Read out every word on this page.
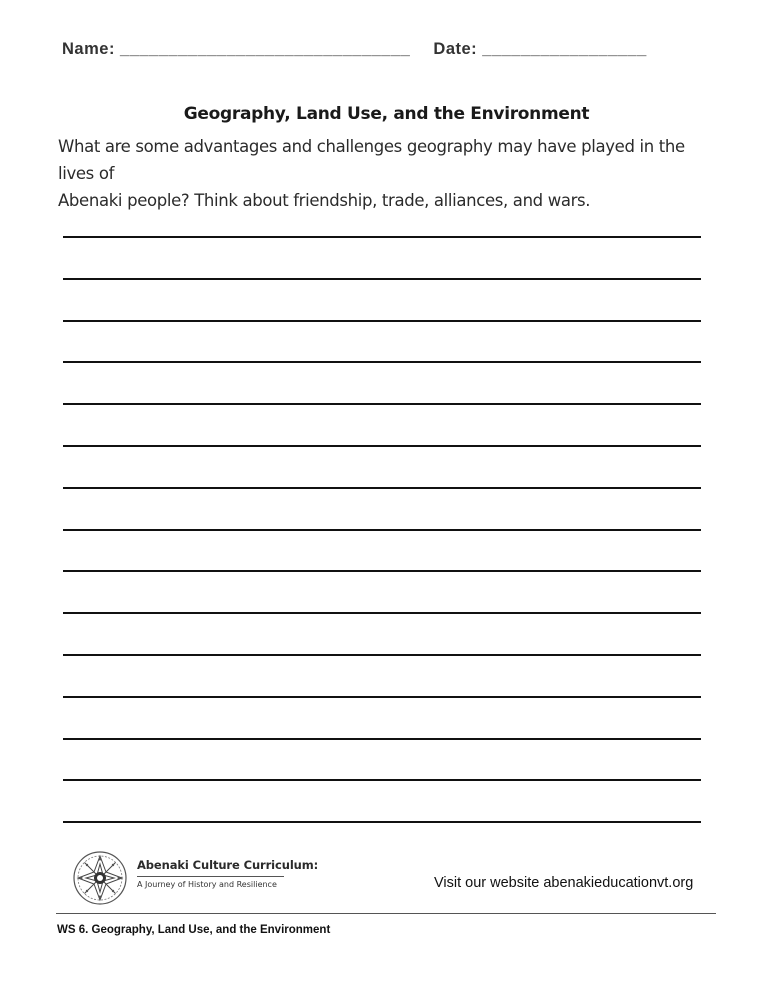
Name: ______________________________ Date: _________________
Geography, Land Use, and the Environment
What are some advantages and challenges geography may have played in the lives of
Abenaki people? Think about friendship, trade, alliances, and wars.
Abenaki Culture Curriculum:
A Journey of History and Resilience	Visit our website abenakieducationvt.org
WS 6. Geography, Land Use, and the Environment
